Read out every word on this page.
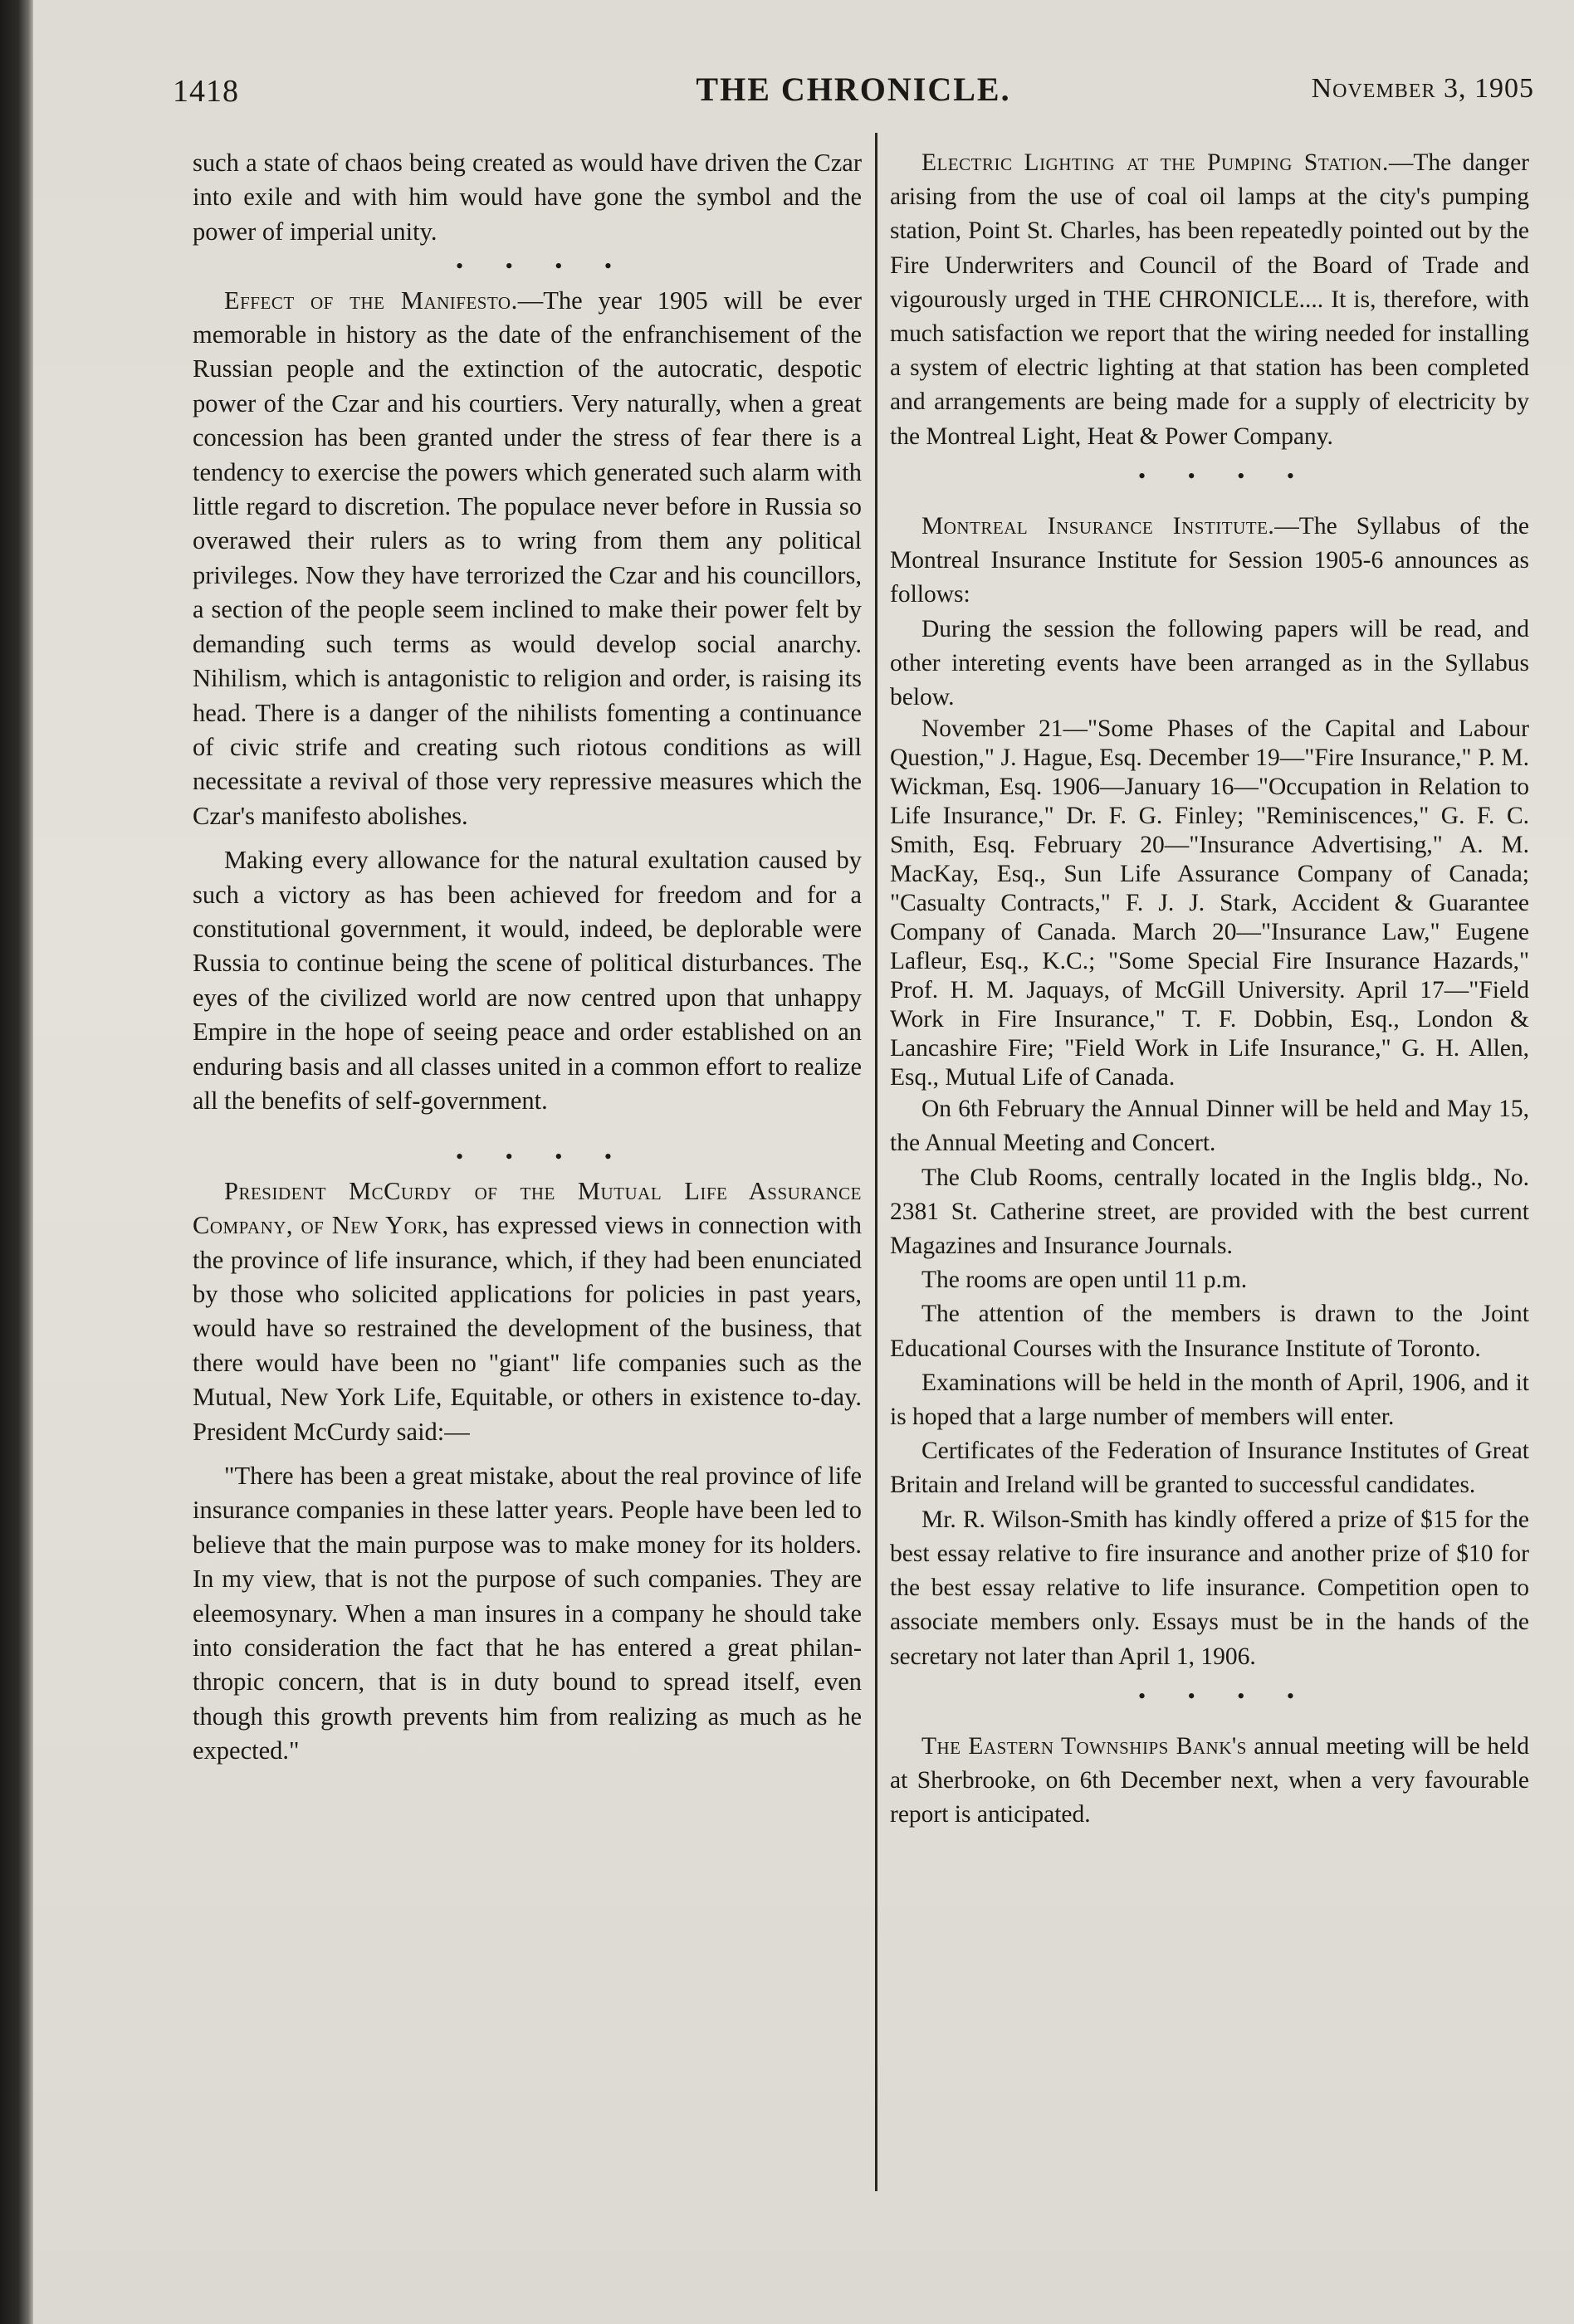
1418	THE CHRONICLE.	November 3, 1905

such a state of chaos being created as would have driven the Czar into exile and with him would have gone the symbol and the power of imperial unity.

• • • •

Effect of the Manifesto.—The year 1905 will be ever memorable in history as the date of the enfranchisement of the Russian people and the extinction of the autocratic, despotic power of the Czar and his courtiers. Very naturally, when a great concession has been granted under the stress of fear there is a tendency to exercise the powers which generated such alarm with little regard to discretion. The populace never before in Russia so overawed their rulers as to wring from them any political privileges. Now they have terrorized the Czar and his councillors, a section of the people seem inclined to make their power felt by demanding such terms as would develop social anarchy. Nihilism, which is antagonistic to religion and order, is raising its head. There is a danger of the nihilists fomenting a continuance of civic strife and creating such riotous conditions as will necessitate a revival of those very repressive measures which the Czar's manifesto abolishes.

Making every allowance for the natural exultation caused by such a victory as has been achieved for freedom and for a constitutional government, it would, indeed, be deplorable were Russia to continue being the scene of political disturbances. The eyes of the civilized world are now centred upon that unhappy Empire in the hope of seeing peace and order established on an enduring basis and all classes united in a common effort to realize all the benefits of self-government.

• • • •

President McCurdy of the Mutual Life Assurance Company, of New York, has expressed views in connection with the province of life insurance, which, if they had been enunciated by those who solicited applications for policies in past years, would have so restrained the development of the business, that there would have been no "giant" life companies such as the Mutual, New York Life, Equitable, or others in existence to-day. President McCurdy said:—

"There has been a great mistake, about the real province of life insurance companies in these latter years. People have been led to believe that the main purpose was to make money for its holders. In my view, that is not the purpose of such companies. They are eleemosynary. When a man insures in a company he should take into consideration the fact that he has entered a great philanthropic concern, that is in duty bound to spread itself, even though this growth prevents him from realizing as much as he expected."

Electric Lighting at the Pumping Station.—The danger arising from the use of coal oil lamps at the city's pumping station, Point St. Charles, has been repeatedly pointed out by the Fire Underwriters and Council of the Board of Trade and vigourously urged in THE CHRONICLE.... It is, therefore, with much satisfaction we report that the wiring needed for installing a system of electric lighting at that station has been completed and arrangements are being made for a supply of electricity by the Montreal Light, Heat & Power Company.

• • • •

Montreal Insurance Institute.—The Syllabus of the Montreal Insurance Institute for Session 1905-6 announces as follows:

During the session the following papers will be read, and other intereting events have been arranged as in the Syllabus below.

November 21—"Some Phases of the Capital and Labour Question," J. Hague, Esq. December 19—"Fire Insurance," P. M. Wickman, Esq. 1906—January 16—"Occupation in Relation to Life Insurance," Dr. F. G. Finley; "Reminiscences," G. F. C. Smith, Esq. February 20—"Insurance Advertising," A. M. MacKay, Esq., Sun Life Assurance Company of Canada; "Casualty Contracts," F. J. J. Stark, Accident & Guarantee Company of Canada. March 20—"Insurance Law," Eugene Lafleur, Esq., K.C.; "Some Special Fire Insurance Hazards," Prof. H. M. Jaquays, of McGill University. April 17—"Field Work in Fire Insurance," T. F. Dobbin, Esq., London & Lancashire Fire; "Field Work in Life Insurance," G. H. Allen, Esq., Mutual Life of Canada.

On 6th February the Annual Dinner will be held and May 15, the Annual Meeting and Concert.

The Club Rooms, centrally located in the Inglis bldg., No. 2381 St. Catherine street, are provided with the best current Magazines and Insurance Journals.

The rooms are open until 11 p.m.

The attention of the members is drawn to the Joint Educational Courses with the Insurance Institute of Toronto.

Examinations will be held in the month of April, 1906, and it is hoped that a large number of members will enter.

Certificates of the Federation of Insurance Institutes of Great Britain and Ireland will be granted to successful candidates.

Mr. R. Wilson-Smith has kindly offered a prize of $15 for the best essay relative to fire insurance and another prize of $10 for the best essay relative to life insurance. Competition open to associate members only. Essays must be in the hands of the secretary not later than April 1, 1906.

• • • •

The Eastern Townships Bank's annual meeting will be held at Sherbrooke, on 6th December next, when a very favourable report is anticipated.
